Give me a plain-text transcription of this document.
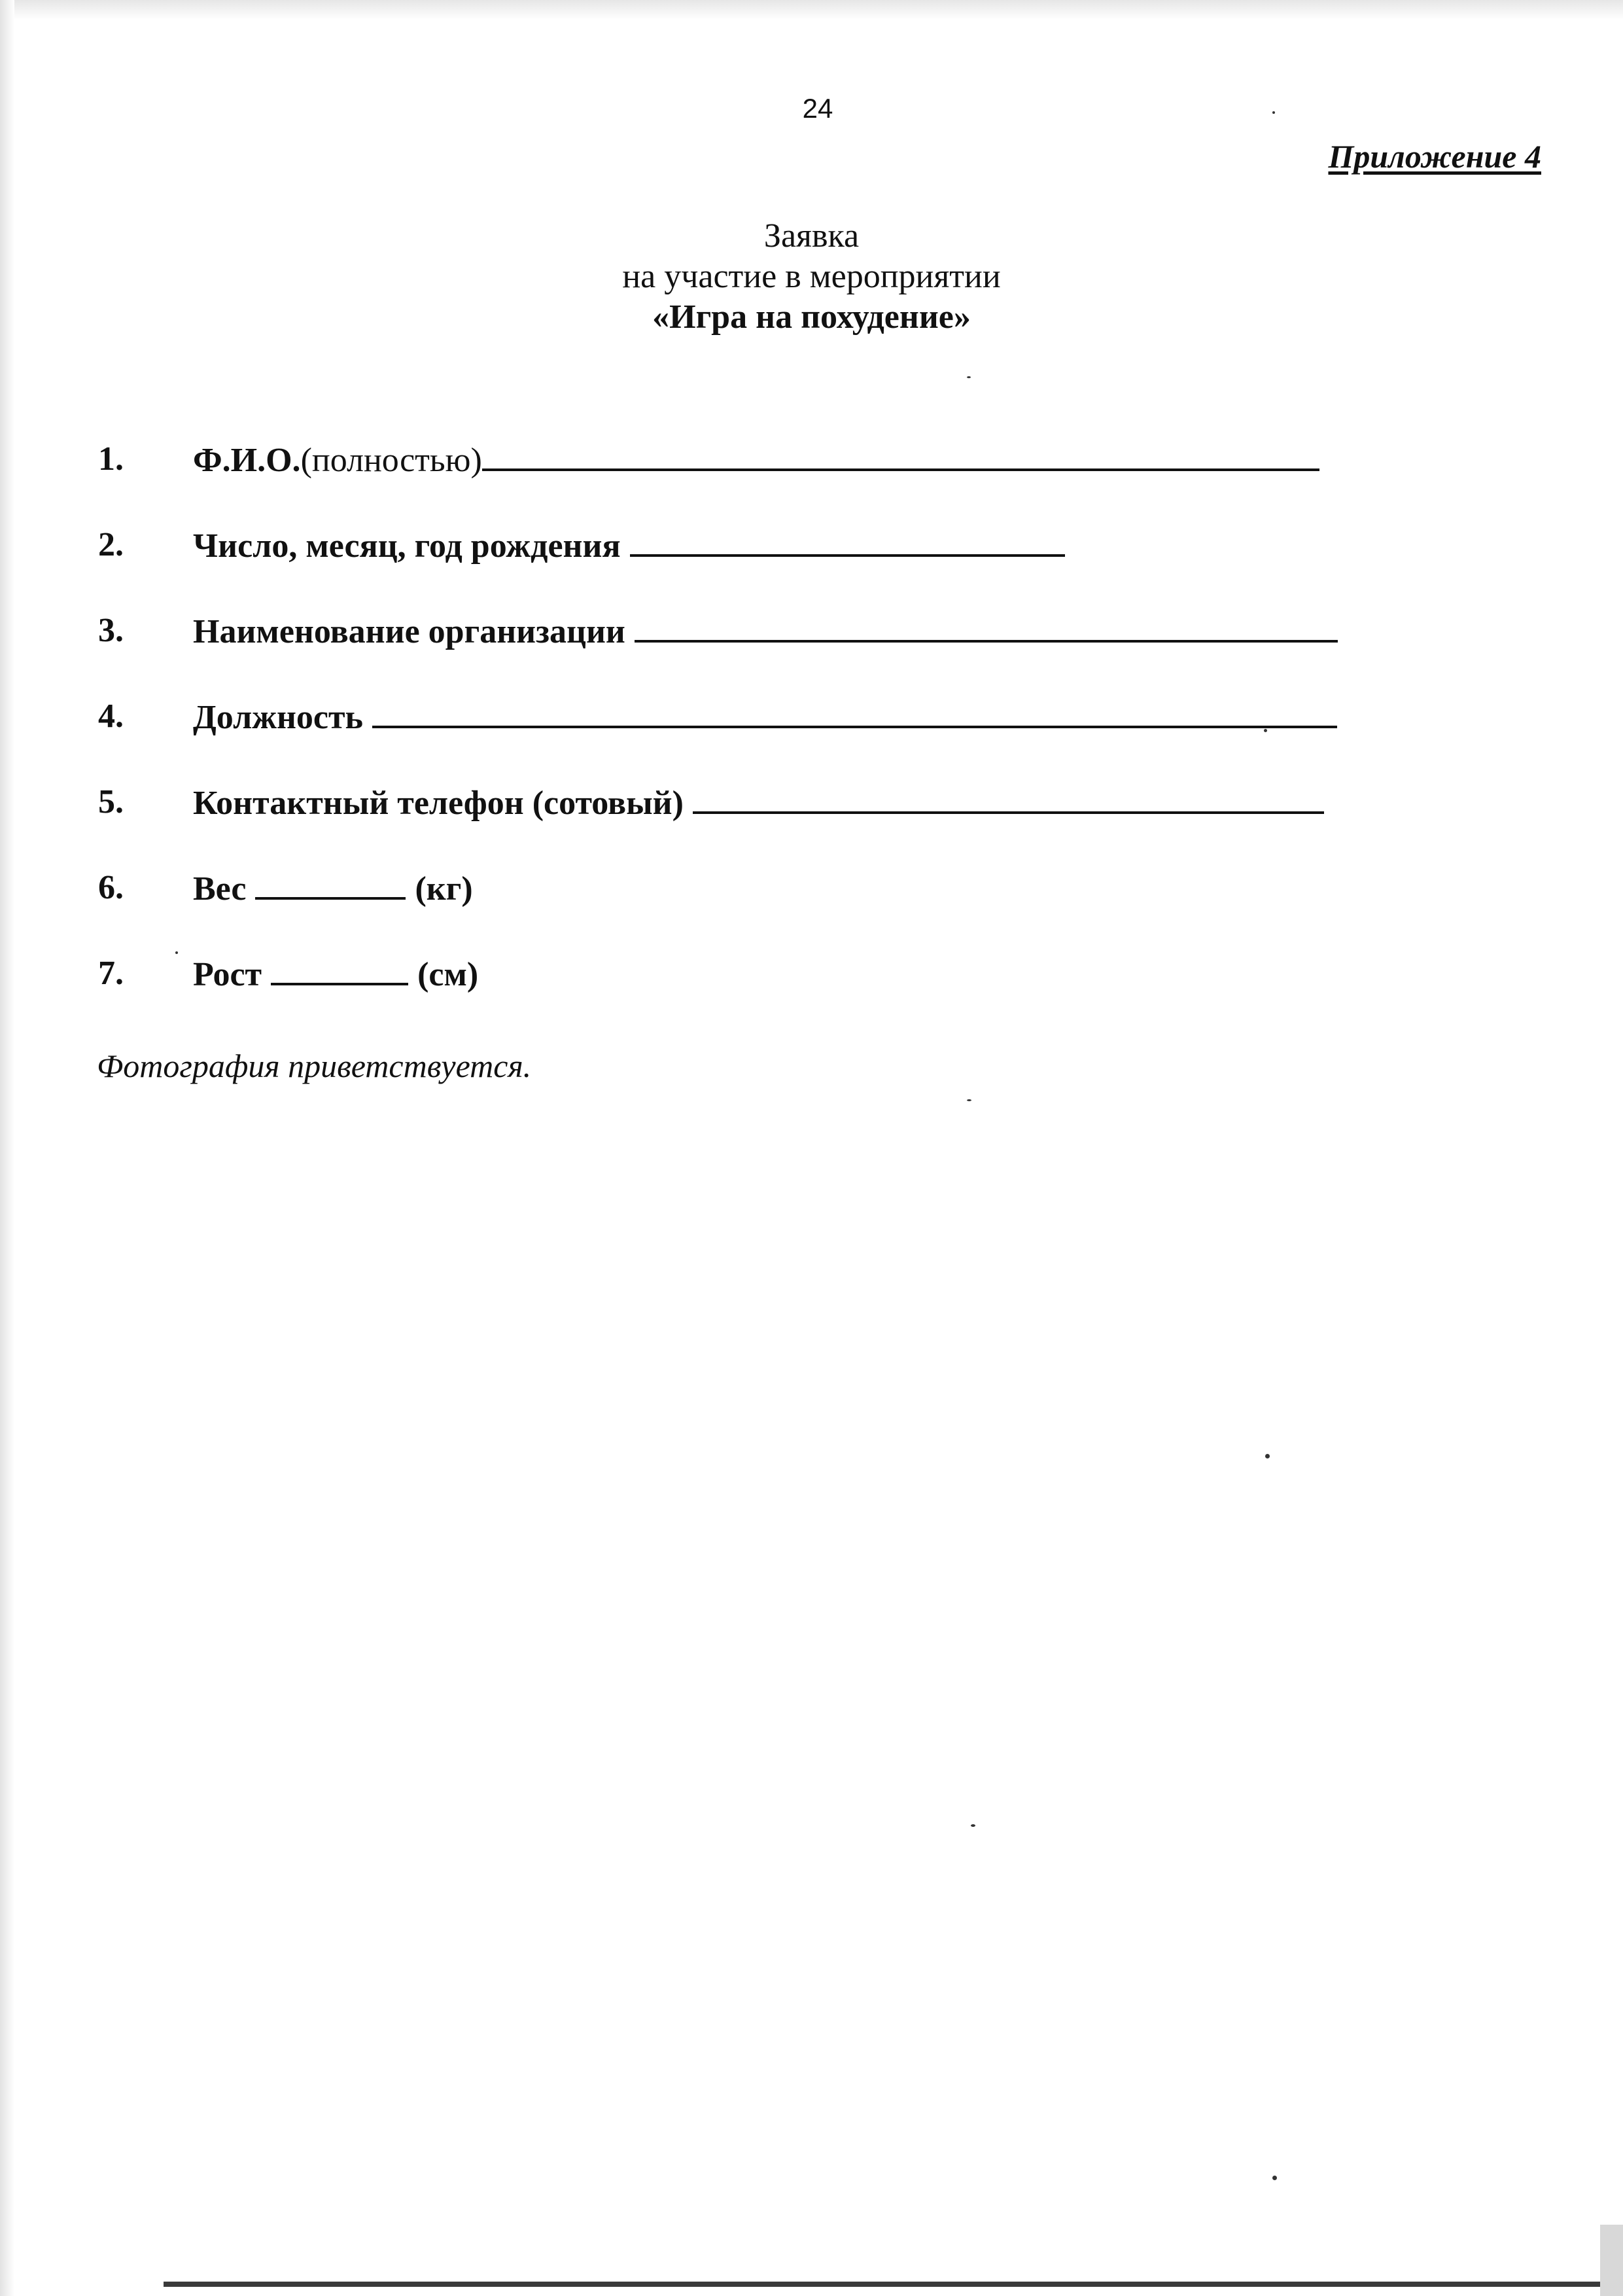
24
Приложение 4
Заявка
на участие в мероприятии
«Игра на похудение»
1. Ф.И.О. (полностью)
2. Число, месяц, год рождения
3. Наименование организации
4. Должность
5. Контактный телефон (сотовый)
6. Вес	(кг)
7. Рост	(см)
Фотография приветствуется.
